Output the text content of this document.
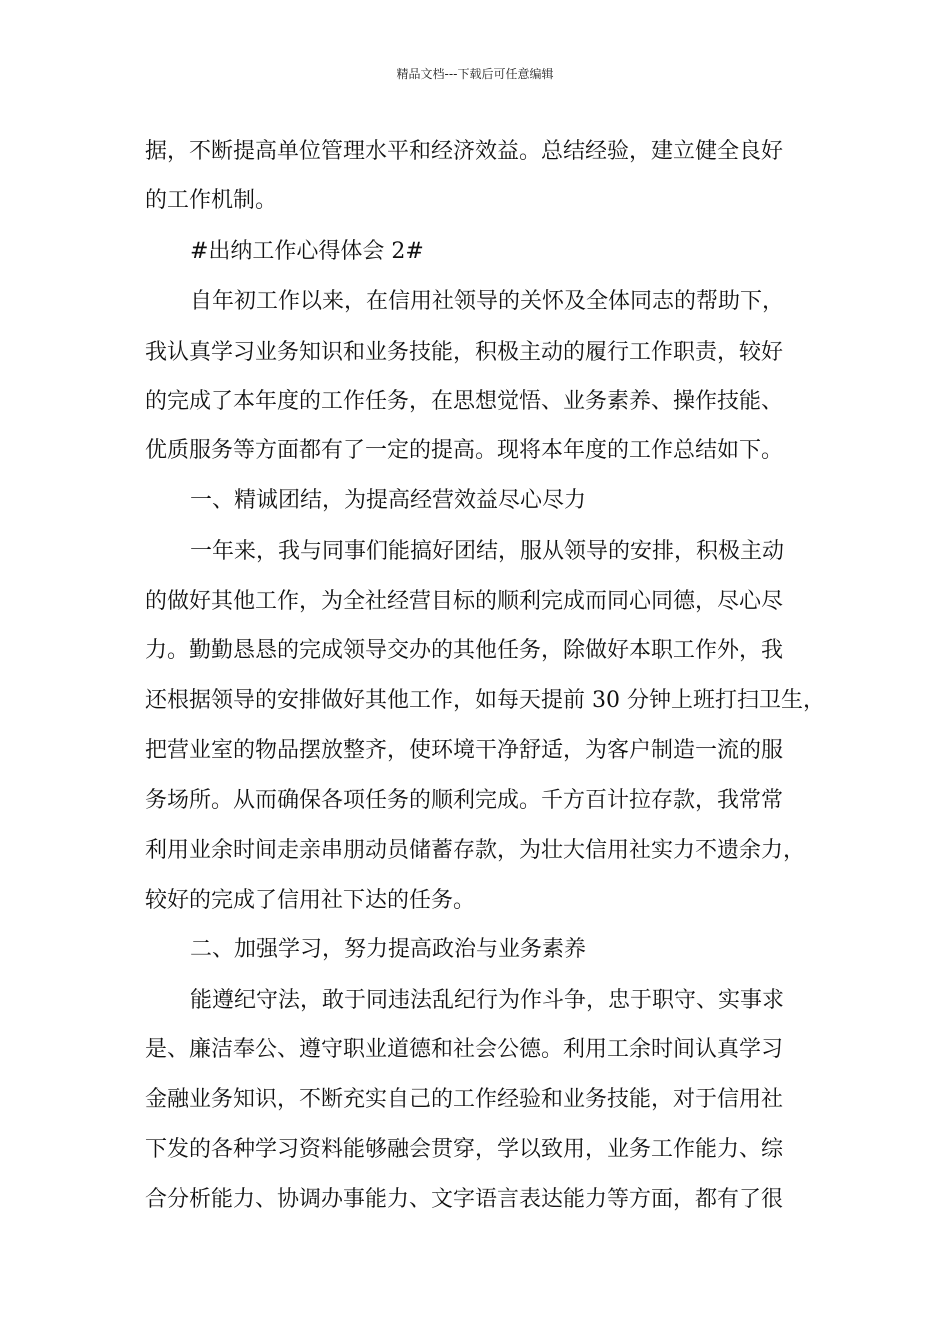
精品文档---下载后可任意编辑
据，不断提高单位管理水平和经济效益。总结经验，建立健全良好
的工作机制。
#出纳工作心得体会 2#
自年初工作以来，在信用社领导的关怀及全体同志的帮助下，
我认真学习业务知识和业务技能，积极主动的履行工作职责，较好
的完成了本年度的工作任务，在思想觉悟、业务素养、操作技能、
优质服务等方面都有了一定的提高。现将本年度的工作总结如下。
一、精诚团结，为提高经营效益尽心尽力
一年来，我与同事们能搞好团结，服从领导的安排，积极主动
的做好其他工作，为全社经营目标的顺利完成而同心同德，尽心尽
力。勤勤恳恳的完成领导交办的其他任务，除做好本职工作外，我
还根据领导的安排做好其他工作，如每天提前 30 分钟上班打扫卫生，
把营业室的物品摆放整齐，使环境干净舒适，为客户制造一流的服
务场所。从而确保各项任务的顺利完成。千方百计拉存款，我常常
利用业余时间走亲串朋动员储蓄存款，为壮大信用社实力不遗余力，
较好的完成了信用社下达的任务。
二、加强学习，努力提高政治与业务素养
能遵纪守法，敢于同违法乱纪行为作斗争，忠于职守、实事求
是、廉洁奉公、遵守职业道德和社会公德。利用工余时间认真学习
金融业务知识，不断充实自己的工作经验和业务技能，对于信用社
下发的各种学习资料能够融会贯穿，学以致用，业务工作能力、综
合分析能力、协调办事能力、文字语言表达能力等方面，都有了很
